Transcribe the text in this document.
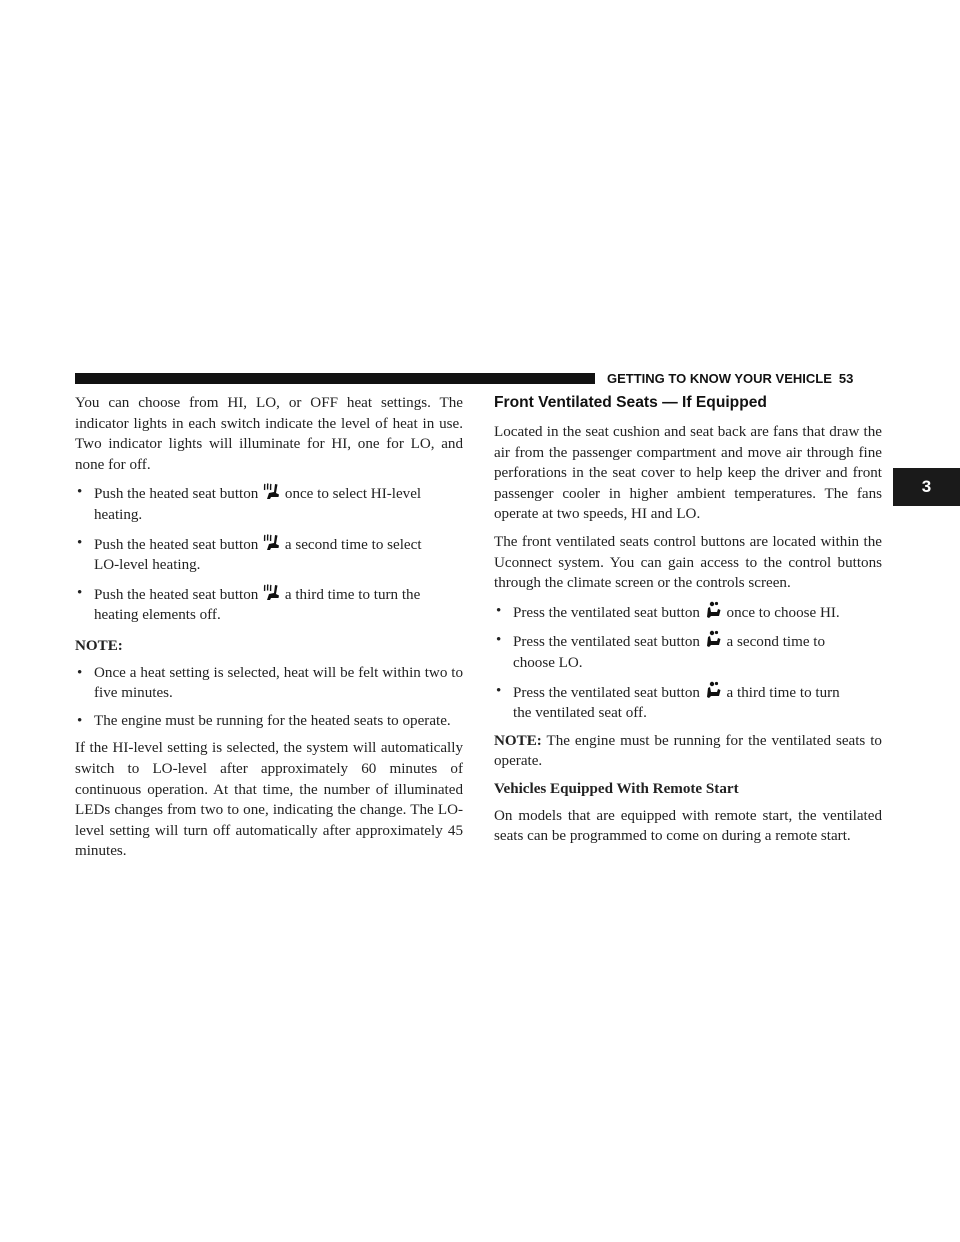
GETTING TO KNOW YOUR VEHICLE 53
3

You can choose from HI, LO, or OFF heat settings. The indicator lights in each switch indicate the level of heat in use. Two indicator lights will illuminate for HI, one for LO, and none for off.

• Push the heated seat button once to select HI-level
heating.
• Push the heated seat button a second time to select
LO-level heating.
• Push the heated seat button a third time to turn the
heating elements off.
NOTE:
• Once a heat setting is selected, heat will be felt within two to five minutes.
• The engine must be running for the heated seats to operate.

If the HI-level setting is selected, the system will automatically switch to LO-level after approximately 60 minutes of continuous operation. At that time, the number of illuminated LEDs changes from two to one, indicating the change. The LO-level setting will turn off automatically after approximately 45 minutes.

Front Ventilated Seats — If Equipped

Located in the seat cushion and seat back are fans that draw the air from the passenger compartment and move air through fine perforations in the seat cover to help keep the driver and front passenger cooler in higher ambient temperatures. The fans operate at two speeds, HI and LO.

The front ventilated seats control buttons are located within the Uconnect system. You can gain access to the control buttons through the climate screen or the controls screen.

• Press the ventilated seat button once to choose HI.
• Press the ventilated seat button a second time to
choose LO.
• Press the ventilated seat button a third time to turn
the ventilated seat off.

NOTE: The engine must be running for the ventilated seats to operate.

Vehicles Equipped With Remote Start

On models that are equipped with remote start, the ventilated seats can be programmed to come on during a remote start.
